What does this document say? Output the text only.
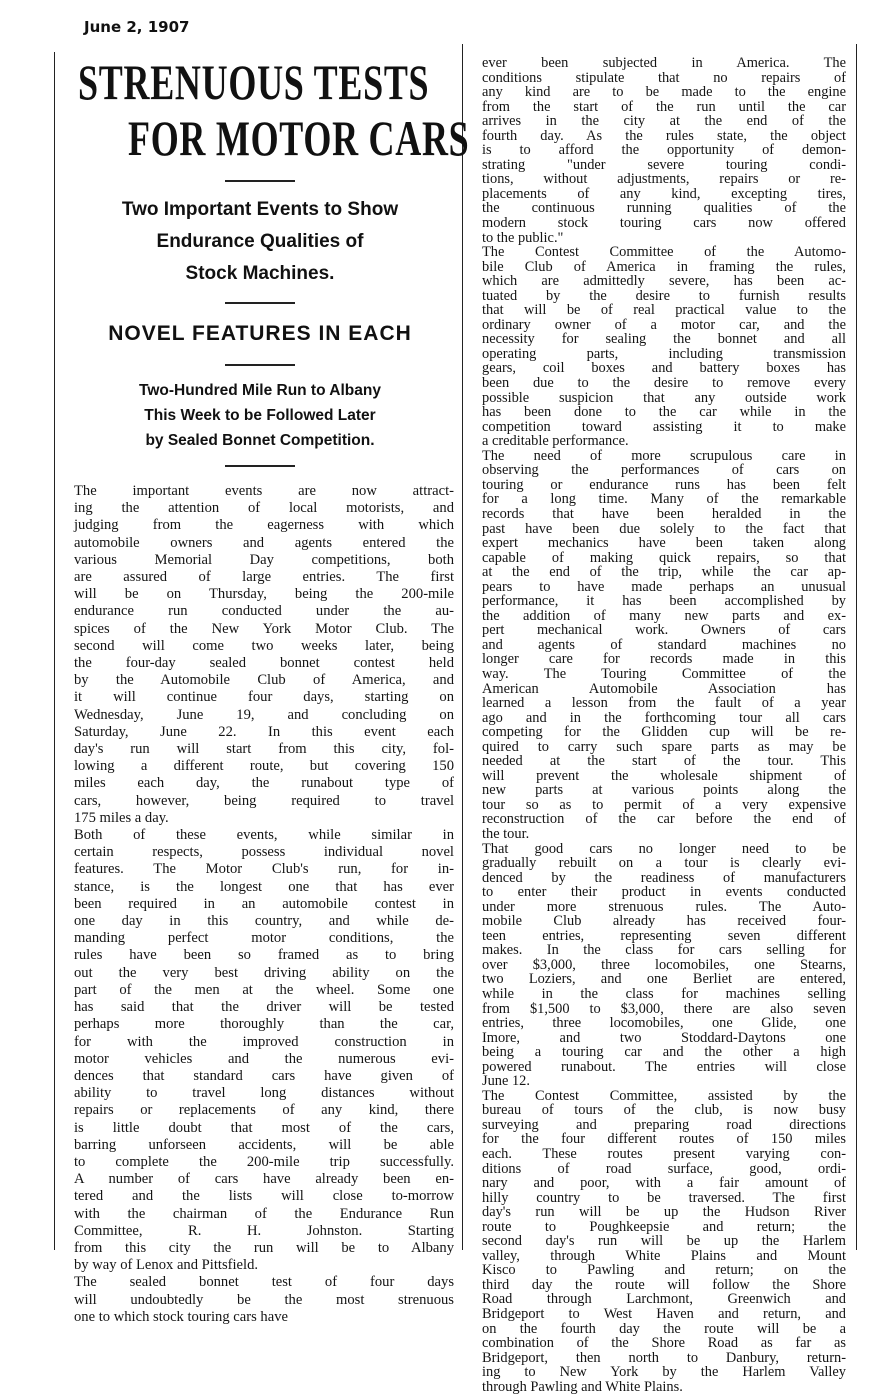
June 2, 1907
STRENUOUS TESTS
FOR MOTOR CARS
Two Important Events to Show
Endurance Qualities of
Stock Machines.
NOVEL FEATURES IN EACH
Two-Hundred Mile Run to Albany
This Week to be Followed Later
by Sealed Bonnet Competition.

The important events are now attract-
ing the attention of local motorists, and
judging from the eagerness with which
automobile owners and agents entered the
various Memorial Day competitions, both
are assured of large entries. The first
will be on Thursday, being the 200-mile
endurance run conducted under the au-
spices of the New York Motor Club. The
second will come two weeks later, being
the four-day sealed bonnet contest held
by the Automobile Club of America, and
it will continue four days, starting on
Wednesday, June 19, and concluding on
Saturday, June 22. In this event each
day's run will start from this city, fol-
lowing a different route, but covering 150
miles each day, the runabout type of
cars, however, being required to travel
175 miles a day.

Both of these events, while similar in
certain respects, possess individual novel
features. The Motor Club's run, for in-
stance, is the longest one that has ever
been required in an automobile contest in
one day in this country, and while de-
manding perfect motor conditions, the
rules have been so framed as to bring
out the very best driving ability on the
part of the men at the wheel. Some one
has said that the driver will be tested
perhaps more thoroughly than the car,
for with the improved construction in
motor vehicles and the numerous evi-
dences that standard cars have given of
ability to travel long distances without
repairs or replacements of any kind, there
is little doubt that most of the cars,
barring unforseen accidents, will be able
to complete the 200-mile trip successfully.
A number of cars have already been en-
tered and the lists will close to-morrow
with the chairman of the Endurance Run
Committee, R. H. Johnston. Starting
from this city the run will be to Albany
by way of Lenox and Pittsfield.

The sealed bonnet test of four days
will undoubtedly be the most strenuous
one to which stock touring cars have

ever been subjected in America. The
conditions stipulate that no repairs of
any kind are to be made to the engine
from the start of the run until the car
arrives in the city at the end of the
fourth day. As the rules state, the object
is to afford the opportunity of demon-
strating "under severe touring condi-
tions, without adjustments, repairs or re-
placements of any kind, excepting tires,
the continuous running qualities of the
modern stock touring cars now offered
to the public."

The Contest Committee of the Automo-
bile Club of America in framing the rules,
which are admittedly severe, has been ac-
tuated by the desire to furnish results
that will be of real practical value to the
ordinary owner of a motor car, and the
necessity for sealing the bonnet and all
operating parts, including transmission
gears, coil boxes and battery boxes has
been due to the desire to remove every
possible suspicion that any outside work
has been done to the car while in the
competition toward assisting it to make
a creditable performance.

The need of more scrupulous care in
observing the performances of cars on
touring or endurance runs has been felt
for a long time. Many of the remarkable
records that have been heralded in the
past have been due solely to the fact that
expert mechanics have been taken along
capable of making quick repairs, so that
at the end of the trip, while the car ap-
pears to have made perhaps an unusual
performance, it has been accomplished by
the addition of many new parts and ex-
pert mechanical work. Owners of cars
and agents of standard machines no
longer care for records made in this
way. The Touring Committee of the
American Automobile Association has
learned a lesson from the fault of a year
ago and in the forthcoming tour all cars
competing for the Glidden cup will be re-
quired to carry such spare parts as may be
needed at the start of the tour. This
will prevent the wholesale shipment of
new parts at various points along the
tour so as to permit of a very expensive
reconstruction of the car before the end of
the tour.

That good cars no longer need to be
gradually rebuilt on a tour is clearly evi-
denced by the readiness of manufacturers
to enter their product in events conducted
under more strenuous rules. The Auto-
mobile Club already has received four-
teen entries, representing seven different
makes. In the class for cars selling for
over $3,000, three locomobiles, one Stearns,
two Loziers, and one Berliet are entered,
while in the class for machines selling
from $1,500 to $3,000, there are also seven
entries, three locomobiles, one Glide, one
Imore, and two Stoddard-Daytons one
being a touring car and the other a high
powered runabout. The entries will close
June 12.

The Contest Committee, assisted by the
bureau of tours of the club, is now busy
surveying and preparing road directions
for the four different routes of 150 miles
each. These routes present varying con-
ditions of road surface, good, ordi-
nary and poor, with a fair amount of
hilly country to be traversed. The first
day's run will be up the Hudson River
route to Poughkeepsie and return; the
second day's run will be up the Harlem
valley, through White Plains and Mount
Kisco to Pawling and return; on the
third day the route will follow the Shore
Road through Larchmont, Greenwich and
Bridgeport to West Haven and return, and
on the fourth day the route will be a
combination of the Shore Road as far as
Bridgeport, then north to Danbury, return-
ing to New York by the Harlem Valley
through Pawling and White Plains.
